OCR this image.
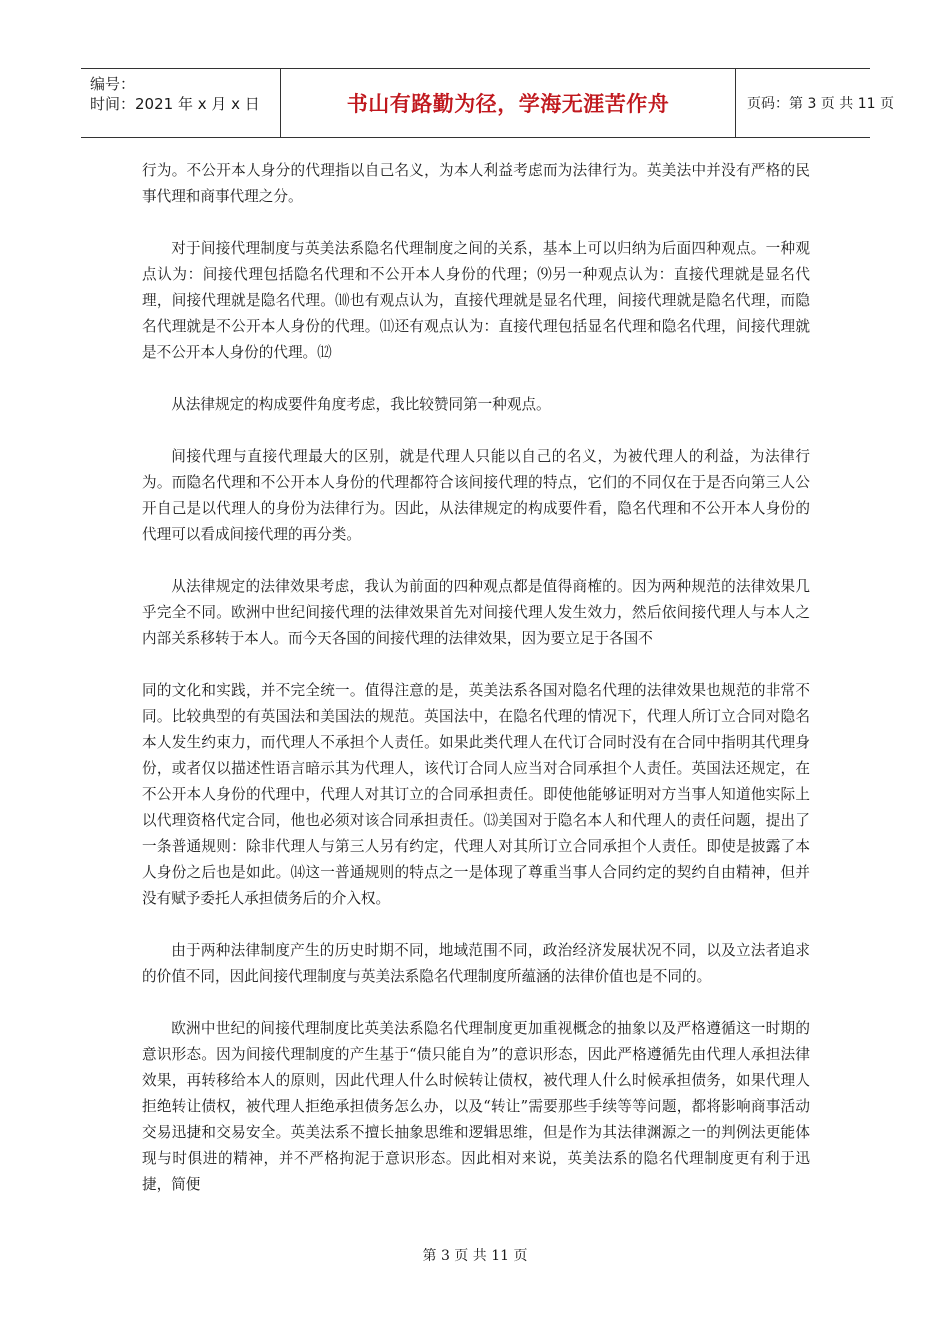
编号：
时间：2021 年 x 月 x 日	书山有路勤为径，学海无涯苦作舟	页码：第 3 页 共 11 页

行为。不公开本人身分的代理指以自己名义，为本人利益考虑而为法律行为。英美法中并没有严格的民事代理和商事代理之分。

对于间接代理制度与英美法系隐名代理制度之间的关系，基本上可以归纳为后面四种观点。一种观点认为：间接代理包括隐名代理和不公开本人身份的代理；⑼另一种观点认为：直接代理就是显名代理，间接代理就是隐名代理。⑽也有观点认为，直接代理就是显名代理，间接代理就是隐名代理，而隐名代理就是不公开本人身份的代理。⑾还有观点认为：直接代理包括显名代理和隐名代理，间接代理就是不公开本人身份的代理。⑿

从法律规定的构成要件角度考虑，我比较赞同第一种观点。

间接代理与直接代理最大的区别，就是代理人只能以自己的名义，为被代理人的利益，为法律行为。而隐名代理和不公开本人身份的代理都符合该间接代理的特点，它们的不同仅在于是否向第三人公开自己是以代理人的身份为法律行为。因此，从法律规定的构成要件看，隐名代理和不公开本人身份的代理可以看成间接代理的再分类。

从法律规定的法律效果考虑，我认为前面的四种观点都是值得商榷的。因为两种规范的法律效果几乎完全不同。欧洲中世纪间接代理的法律效果首先对间接代理人发生效力，然后依间接代理人与本人之内部关系移转于本人。而今天各国的间接代理的法律效果，因为要立足于各国不

同的文化和实践，并不完全统一。值得注意的是，英美法系各国对隐名代理的法律效果也规范的非常不同。比较典型的有英国法和美国法的规范。英国法中，在隐名代理的情况下，代理人所订立合同对隐名本人发生约束力，而代理人不承担个人责任。如果此类代理人在代订合同时没有在合同中指明其代理身份，或者仅以描述性语言暗示其为代理人，该代订合同人应当对合同承担个人责任。英国法还规定，在不公开本人身份的代理中，代理人对其订立的合同承担责任。即使他能够证明对方当事人知道他实际上以代理资格代定合同，他也必须对该合同承担责任。⒀美国对于隐名本人和代理人的责任问题，提出了一条普通规则：除非代理人与第三人另有约定，代理人对其所订立合同承担个人责任。即使是披露了本人身份之后也是如此。⒁这一普通规则的特点之一是体现了尊重当事人合同约定的契约自由精神，但并没有赋予委托人承担债务后的介入权。

由于两种法律制度产生的历史时期不同，地域范围不同，政治经济发展状况不同，以及立法者追求的价值不同，因此间接代理制度与英美法系隐名代理制度所蕴涵的法律价值也是不同的。

欧洲中世纪的间接代理制度比英美法系隐名代理制度更加重视概念的抽象以及严格遵循这一时期的意识形态。因为间接代理制度的产生基于“债只能自为”的意识形态，因此严格遵循先由代理人承担法律效果，再转移给本人的原则，因此代理人什么时候转让债权，被代理人什么时候承担债务，如果代理人拒绝转让债权，被代理人拒绝承担债务怎么办，以及“转让”需要那些手续等等问题，都将影响商事活动交易迅捷和交易安全。英美法系不擅长抽象思维和逻辑思维，但是作为其法律渊源之一的判例法更能体现与时俱进的精神，并不严格拘泥于意识形态。因此相对来说，英美法系的隐名代理制度更有利于迅捷，简便

第 3 页 共 11 页
